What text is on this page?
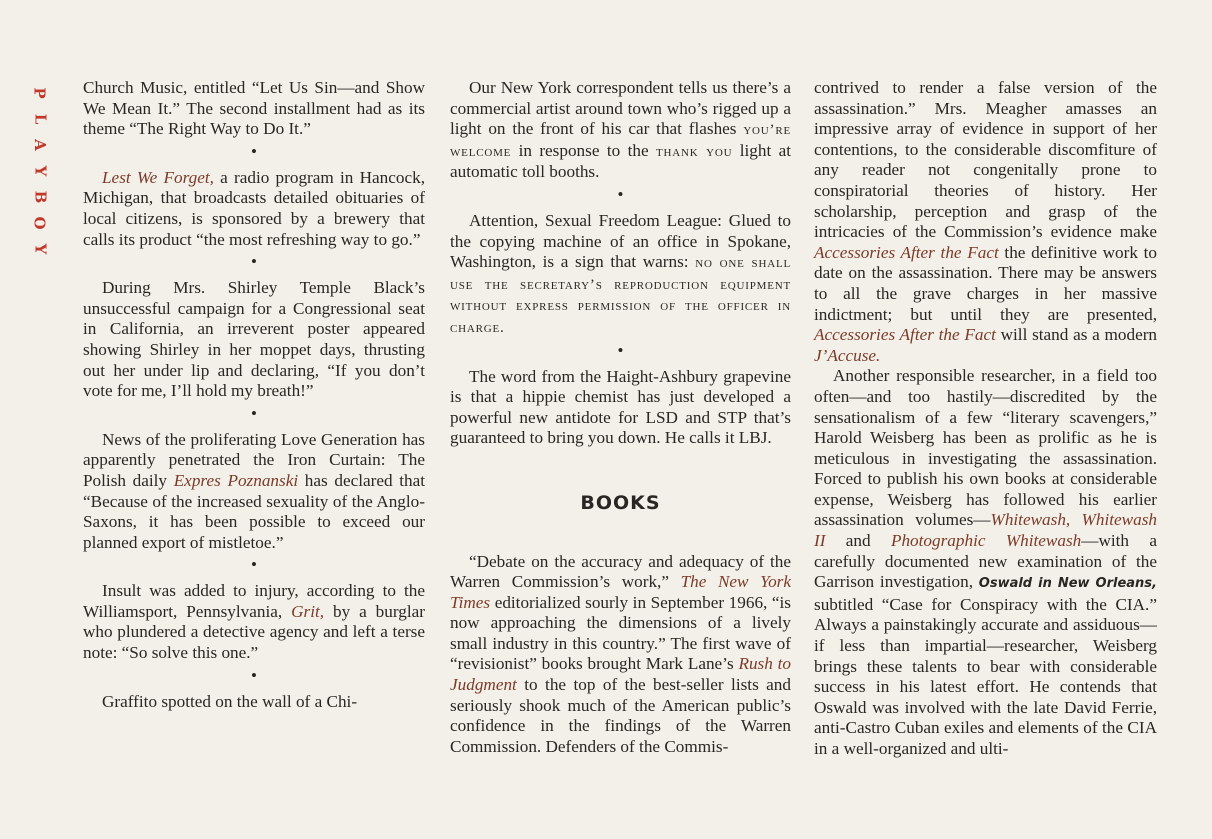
P
L
A
Y
B
O
Y

Church Music, entitled “Let Us Sin—and Show We Mean It.” The second installment had as its theme “The Right Way to Do It.”

•

Lest We Forget, a radio program in Hancock, Michigan, that broadcasts detailed obituaries of local citizens, is sponsored by a brewery that calls its product “the most refreshing way to go.”

•

During Mrs. Shirley Temple Black’s unsuccessful campaign for a Congressional seat in California, an irreverent poster appeared showing Shirley in her moppet days, thrusting out her under lip and declaring, “If you don’t vote for me, I’ll hold my breath!”

•

News of the proliferating Love Generation has apparently penetrated the Iron Curtain: The Polish daily Expres Poznanski has declared that “Because of the increased sexuality of the Anglo-Saxons, it has been possible to exceed our planned export of mistletoe.”

•

Insult was added to injury, according to the Williamsport, Pennsylvania, Grit, by a burglar who plundered a detective agency and left a terse note: “So solve this one.”

•

Graffito spotted on the wall of a Chi-

Our New York correspondent tells us there’s a commercial artist around town who’s rigged up a light on the front of his car that flashes you’re welcome in response to the thank you light at automatic toll booths.

•

Attention, Sexual Freedom League: Glued to the copying machine of an office in Spokane, Washington, is a sign that warns: no one shall use the secretary’s reproduction equipment without express permission of the officer in charge.

•

The word from the Haight-Ashbury grapevine is that a hippie chemist has just developed a powerful new antidote for LSD and STP that’s guaranteed to bring you down. He calls it LBJ.

BOOKS

“Debate on the accuracy and adequacy of the Warren Commission’s work,” The New York Times editorialized sourly in September 1966, “is now approaching the dimensions of a lively small industry in this country.” The first wave of “revisionist” books brought Mark Lane’s Rush to Judgment to the top of the best-seller lists and seriously shook much of the American public’s confidence in the findings of the Warren Commission. Defenders of the Commis-

contrived to render a false version of the assassination.” Mrs. Meagher amasses an impressive array of evidence in support of her contentions, to the considerable discomfiture of any reader not congenitally prone to conspiratorial theories of history. Her scholarship, perception and grasp of the intricacies of the Commission’s evidence make Accessories After the Fact the definitive work to date on the assassination. There may be answers to all the grave charges in her massive indictment; but until they are presented, Accessories After the Fact will stand as a modern J’Accuse.

Another responsible researcher, in a field too often—and too hastily—discredited by the sensationalism of a few “literary scavengers,” Harold Weisberg has been as prolific as he is meticulous in investigating the assassination. Forced to publish his own books at considerable expense, Weisberg has followed his earlier assassination volumes—Whitewash, Whitewash II and Photographic Whitewash—with a carefully documented new examination of the Garrison investigation, Oswald in New Orleans, subtitled “Case for Conspiracy with the CIA.” Always a painstakingly accurate and assiduous—if less than impartial—researcher, Weisberg brings these talents to bear with considerable success in his latest effort. He contends that Oswald was involved with the late David Ferrie, anti-Castro Cuban exiles and elements of the CIA in a well-organized and ulti-
